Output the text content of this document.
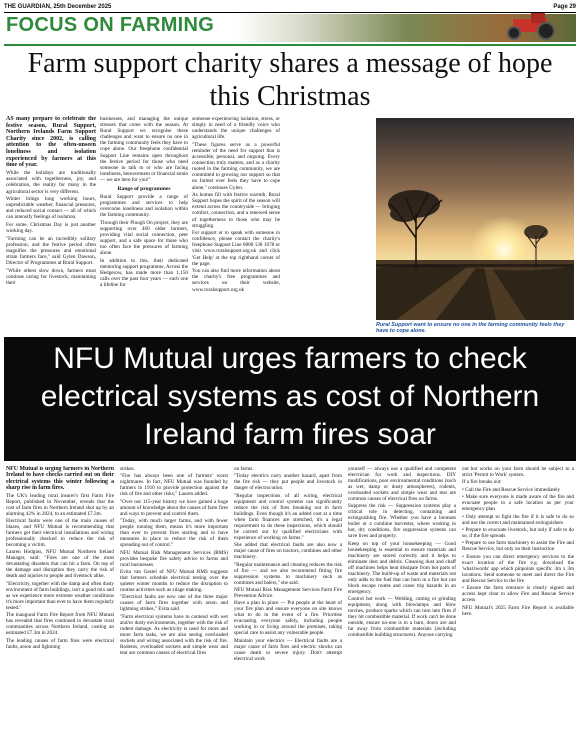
THE GUARDIAN, 25th December 2025	Page 29
FOCUS ON FARMING
Farm support charity shares a message of hope this Christmas

AS many prepare to celebrate the festive season, Rural Support, Northern Irelands Farm Support Charity since 2002, is calling attention to the often-unseen loneliness and isolation experienced by farmers at this time of year.

While the holidays are traditionally associated with togetherness, joy, and celebration, the reality for many in the agricultural sector is very different.

Winter brings long working hours, unpredictable weather, financial pressures, and reduced social contact — all of which can intensify feelings of isolation.

For some, Christmas Day is just another working day.

"Farming can be an incredibly solitary profession, and the festive period often magnifies the pressures and emotional strain farmers face," said Gylen Dawson, Director of Programmes at Rural Support.

"While others slow down, farmers must continue caring for livestock, maintaining their

businesses, and managing the unique stresses that come with the season. At Rural Support we recognise these challenges and want to ensure no one in the farming community feels they have to cope alone. Our freephone confidential Support Line remains open throughout the festive period for those who need someone to talk to or who are facing loneliness, bereavement or financial strain — we are here for you!"

Range of programmes

Rural Support provide a range of programmes and services to help overcome loneliness and isolation within the farming community.

Through their Plough On project, they are supporting over 460 older farmers, providing vital social connection, peer support, and a safe space for those who too often face the pressures of farming alone.

In addition to this, their dedicated mentoring support programme, Across the Hedgerow, has made more than 1,150 calls over the past four years — each one a lifeline for

someone experiencing isolation, stress, or simply in need of a friendly voice who understands the unique challenges of agricultural life.

"These figures serve as a powerful reminder of the need for support that is accessible, personal, and ongoing. Every connection truly matters, and as a charity rooted in the farming community, we are committed to growing our support so that no farmer ever feels they have to cope alone," continues Gylen.

As homes fill with festive warmth, Rural Support hopes the spirit of the season will extend across the countryside — bringing comfort, connection, and a renewed sense of togetherness to those who may be struggling.

For support or to speak with someone in confidence, please contact the charity's freephone Support Line 0800 138 1678 or visit www.ruralsupport.org.uk and click 'Get Help' at the top righthand corner of the page.

You can also find more information about the charity's free programmes and services on their website, www.ruralsupport.org.uk

Rural Support want to ensure no one in the farming community feels they have to cope alone.
NFU Mutual urges farmers to check electrical systems as cost of Northern Ireland farm fires soar

NFU Mutual is urging farmers in Northern Ireland to have checks carried out on their electrical systems this winter following a sharp rise in farm fires.

The UK's leading rural insurer's first Farm Fire Report, published in November, reveals that the cost of farm fires in Northern Ireland shot up by an alarming 42% in 2024, to an estimated £7.3m.

Electrical faults were one of the main causes of blazes, and NFU Mutual is recommending that farmers get their electrical installations and wiring professionally checked to reduce the risk of becoming a victim.

Lauren Hodgins, NFU Mutual Northern Ireland Manager, said: "Fires are one of the most devastating disasters that can hit a farm. On top of the damage and disruption they carry the risk of death and injuries to people and livestock alike.

"Electricity, together with the damp and often dusty environment of farm buildings, isn't a good mix and as we experience more extreme weather conditions it's more important than ever to have them regularly tested."

The inaugural Farm Fire Report from NFU Mutual has revealed that fires continued to devastate rural communities across Northern Ireland, costing an estimated £7.3m in 2024.

The leading causes of farm fires were electrical faults, arson and lightning

strikes.

"Fire has always been one of farmers' worst nightmares. In fact, NFU Mutual was founded by farmers in 1910 to provide protection against the risk of fire and other risks," Lauren added.

"Over our 115-year history we have gained a huge amount of knowledge about the causes of farm fires and ways to prevent and control them.

"Today, with much larger farms, and with fewer people running them, means it's more important than ever to prevent fires starting and to have measures in place to reduce the risk of them spreading out of control."

NFU Mutual Risk Management Services (RMS) provides bespoke fire safety advice to farms and rural businesses.

Evita van Gestel of NFU Mutual RMS suggests that farmers schedule electrical testing over the quieter winter months to reduce the disruption to routine activities such as silage making.

"Electrical faults are now one of the three major causes of farm fires together with arson and lightning strikes," Evita said.

"Farm electrical systems have to contend with wet and/or dusty environments, together with the risk of rodent damage. As electricity is used for more and more farm tasks, we are also seeing overloaded sockets and wiring associated with the risk of fire. Rodents, overloaded sockets and simple wear and tear are common causes of electrical fires

on farms.

"Today electrics carry another hazard, apart from the fire risk — they put people and livestock in danger of electrocution.

"Regular inspections of all wiring, electrical equipment and control systems can significantly reduce the risk of fires breaking out in farm buildings. Even though it's an added cost at a time when farm finances are stretched, it's a legal requirement to do these inspections, which should be carried out by qualified electricians with experience of working on farms."

She added that electrical faults are also now a major cause of fires on tractors, combines and other machinery.

"Regular maintenance and cleaning reduces the risk of fire — and we also recommend fitting fire suppression systems to machinery such as combines and balers," she said.

NFU Mutual Risk Management Services Farm Fire Prevention Advice

Have a plan in place — Put people at the heart of your fire plan and ensure everyone on site knows what to do in the event of a fire. Prioritise evacuating everyone safely, including people working in or living around the premises, taking special care to assist any vulnerable people.

Maintain your electrics — Electrical faults are a major cause of farm fires and electric shocks can cause death or severe injury. Don't attempt electrical work

yourself — always use a qualified and competent electrician for work and inspections. DIY modifications, poor environmental conditions (such as wet, damp or dusty atmospheres), rodents, overloaded sockets and simple wear and tear are common causes of electrical fires on farms.

Suppress the risk — Suppression systems play a critical role in detecting, containing and extinguishing fire. Whether you have a biomass boiler or a combine harvester, where working in hot, dry conditions, fire suppression systems can save lives and property.

Keep on top of your housekeeping — Good housekeeping is essential to ensure materials and machinery are stored correctly and it helps to eliminate dust and debris. Cleaning dust and chaff off machines helps heat dissipate from hot parts of machinery. The build-up of waste and materials not only adds to the fuel that can burn in a fire but can block escape routes and cause trip hazards in an emergency.

Control hot work — Welding, cutting or grinding equipment, along with blowlamps and blow torches, produce sparks which can turn into fires if they hit combustible material. If work can't be done outside, ensure no-one is in a barn, doors are and far away from combustible materials (including combustible building structures). Anyone carrying

out hot works on your farm should be subject to a strict 'Permit to Work' system.

If a fire breaks out:

• Call the Fire and Rescue Service immediately

• Make sure everyone is made aware of the fire and evacuate people to a safe location as per your emergency plan

• Only attempt to fight the fire if it is safe to do so and use the correct and maintained extinguishers

• Prepare to evacuate livestock, but only if safe to do so, if the fire spreads

• Prepare to use farm machinery to assist the Fire and Rescue Service, but only on their instruction

• Ensure you can direct emergency services to the exact location of the fire e.g. download the 'what3words' app which pinpoints specific 3m x 3m locations. Send someone to meet and direct the Fire and Rescue Service to the fire

• Ensure the farm entrance is clearly signed and access kept clear to allow Fire and Rescue Service access

NFU Mutual's 2025 Farm Fire Report is available here.
